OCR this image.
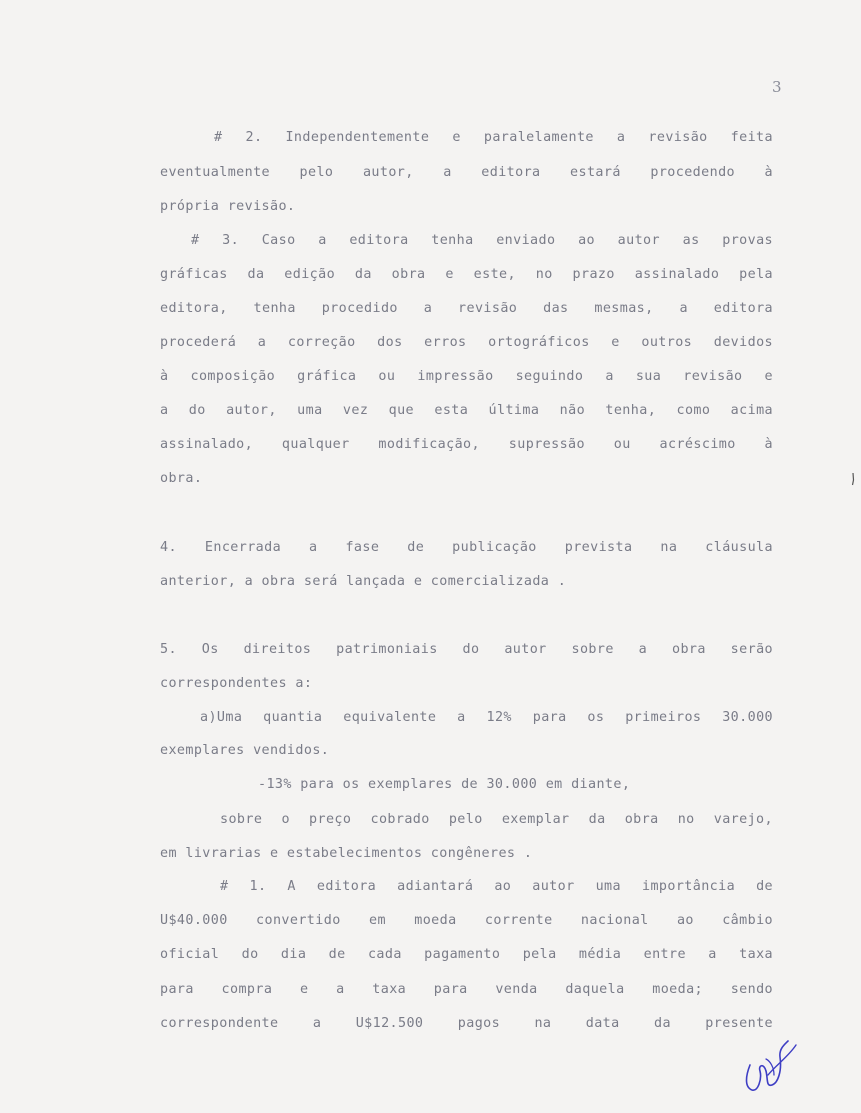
3
# 2. Independentemente e paralelamente a revisão feita
eventualmente pelo autor, a editora estará procedendo à
própria revisão.
# 3. Caso a editora tenha enviado ao autor as provas
gráficas da edição da obra e este, no prazo assinalado pela
editora, tenha procedido a revisão das mesmas, a editora
procederá a correção dos erros ortográficos e outros devidos
à composição gráfica ou impressão seguindo a sua revisão e
a do autor, uma vez que esta última não tenha, como acima
assinalado, qualquer modificação, supressão ou acréscimo à
obra.
4. Encerrada a fase de publicação prevista na cláusula
anterior, a obra será lançada e comercializada .
5. Os direitos patrimoniais do autor sobre a obra serão
correspondentes a:
a)Uma quantia equivalente a 12% para os primeiros 30.000
exemplares vendidos.
-13% para os exemplares de 30.000 em diante,
sobre o preço cobrado pelo exemplar da obra no varejo,
em livrarias e estabelecimentos congêneres .
# 1. A editora adiantará ao autor uma importância de
U$40.000 convertido em moeda corrente nacional ao câmbio
oficial do dia de cada pagamento pela média entre a taxa
para compra e a taxa para venda daquela moeda; sendo
correspondente a U$12.500 pagos na data da presente
